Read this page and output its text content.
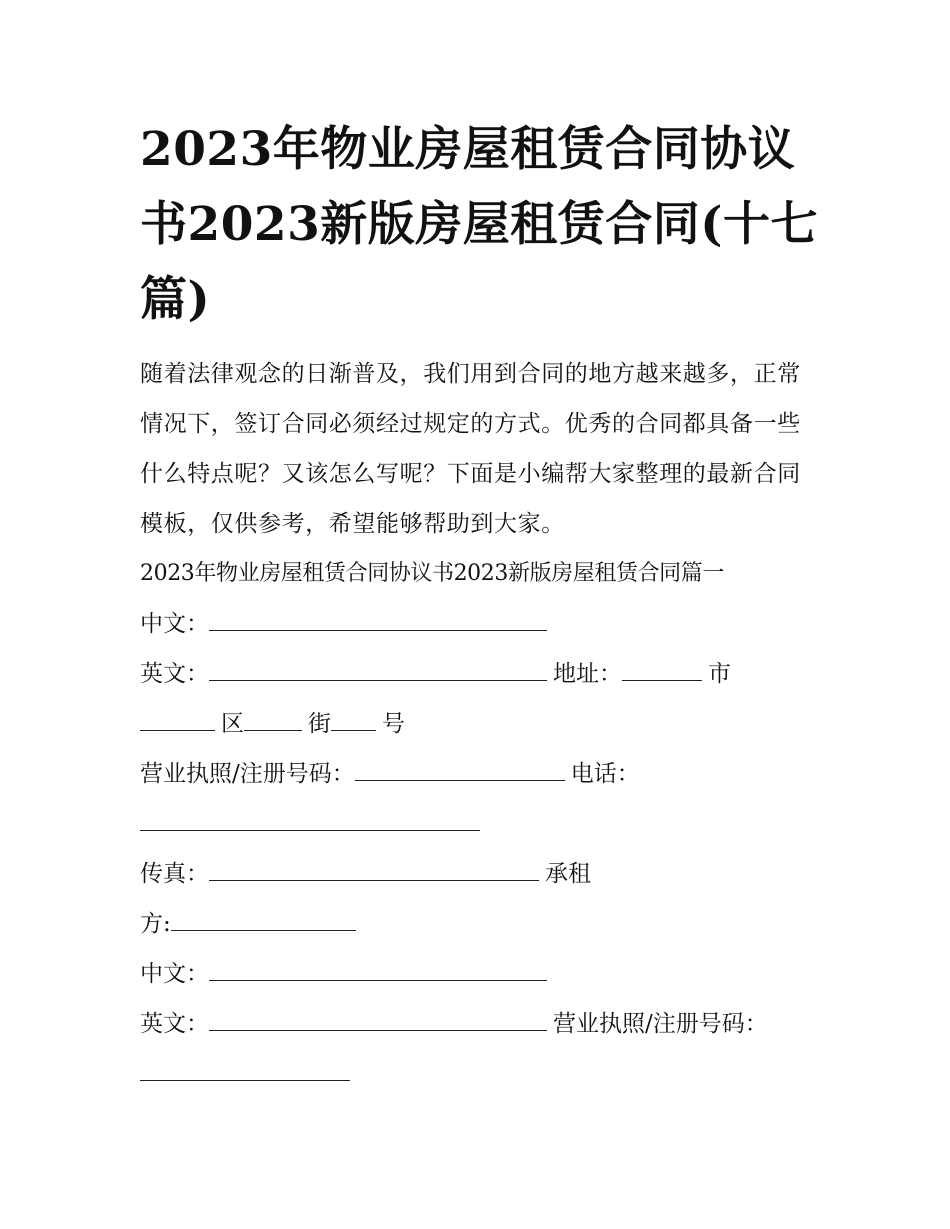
2023年物业房屋租赁合同协议书2023新版房屋租赁合同(十七篇)

随着法律观念的日渐普及，我们用到合同的地方越来越多，正常情况下，签订合同必须经过规定的方式。优秀的合同都具备一些什么特点呢？又该怎么写呢？下面是小编帮大家整理的最新合同模板，仅供参考，希望能够帮助到大家。

2023年物业房屋租赁合同协议书2023新版房屋租赁合同篇一

中文：

英文：	地址：	市

区	街 号

营业执照/注册号码：	电话：

传真：	承租

方:

中文：

英文：	营业执照/注册号码：
